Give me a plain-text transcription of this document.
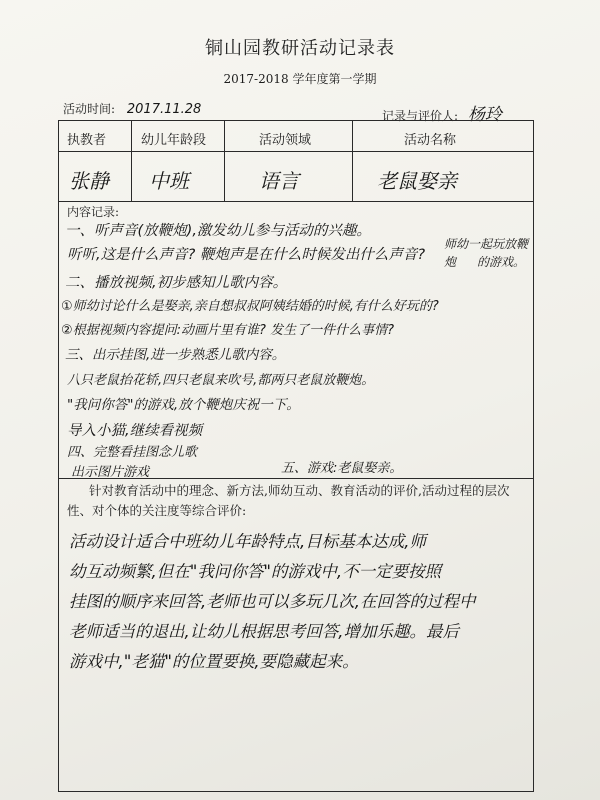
铜山园教研活动记录表
2017-2018 学年度第一学期
活动时间: 2017.11.28	记录与评价人: 杨玲
执教者	幼儿年龄段	活动领域	活动名称
张静 中班	语言	老鼠娶亲
内容记录:
一、听声音(放鞭炮),激发幼儿参与活动的兴趣。
听听,这是什么声音? 鞭炮声是在什么时候发出什么声音?
二、播放视频,初步感知儿歌内容。
①师幼讨论什么是娶亲,亲自想叔叔阿姨结婚的时候,有什么好玩的?
②根据视频内容提问:动画片里有谁? 发生了一件什么事情?
三、出示挂图,进一步熟悉儿歌内容。
八只老鼠抬花轿,四只老鼠来吹号,都两只老鼠放鞭炮。
"我问你答"的游戏,放个鞭炮庆祝一下。
导入小猫,继续看视频
四、完整看挂图念儿歌
出示图片游戏	五、游戏:老鼠娶亲。
师幼一起玩放鞭炮	的游戏。
针对教育活动中的理念、新方法,师幼互动、教育活动的评价,活动过程的层次性、对个体的关注度等综合评价:
活动设计适合中班幼儿年龄特点,目标基本达成,师
幼互动频繁,但在"我问你答"的游戏中,不一定要按照
挂图的顺序来回答,老师也可以多玩几次,在回答的过程中
老师适当的退出,让幼儿根据思考回答,增加乐趣。最后
游戏中,"老猫"的位置要换,要隐藏起来。
